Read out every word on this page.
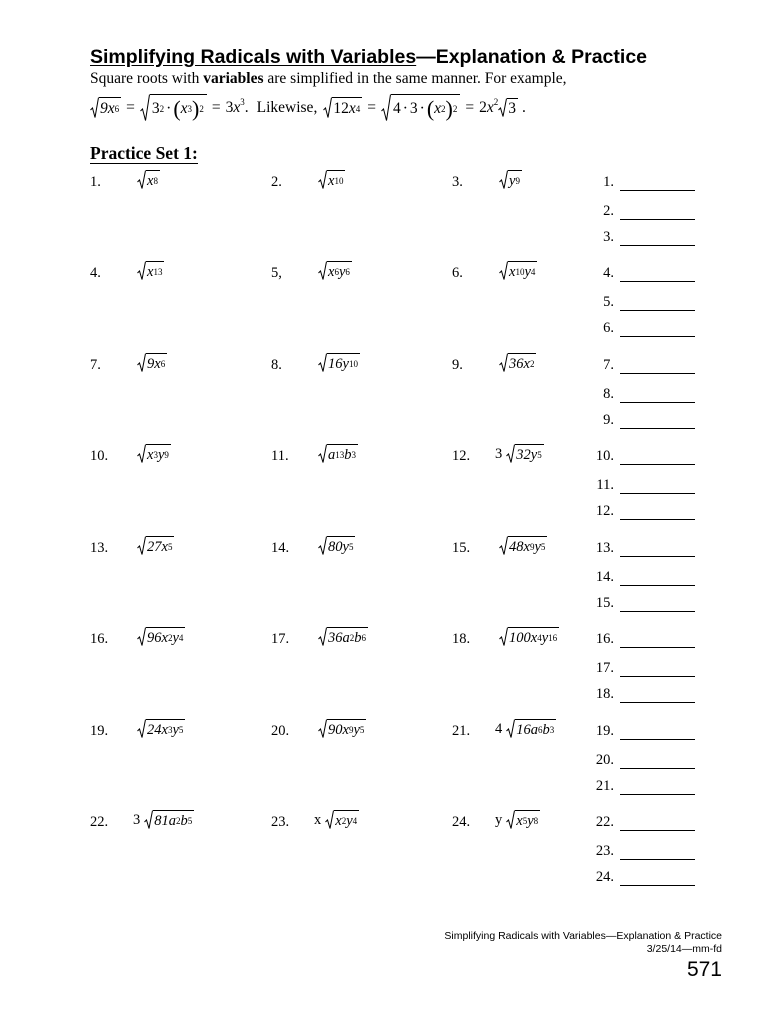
Simplifying Radicals with Variables—Explanation & Practice
Square roots with variables are simplified in the same manner. For example,
9 x 6 = 3 2 · ( x 3 ) $2 = 3x^3$ . Likewise, 12 x 4 = 4 · 3 · ( x 2 ) $2 = 2x^2$ 3 .
Practice Set 1:
1.	x 8	2.	x 10	3.	y 9
4.	x 13	5,	x 6 y 6	6.	x 10 y 4
7.	9 x 6	8.	16 y 10	9.	36 x 2
10.	x 3 y 9	11.	a 13 b 3	12. 3 32 y 5
13.	27 x 5	14.	80 y 5	15.	48 x 9 y 5
16.	96 x 2 y 4	17.	36 a 2 b 6	18.	100 x 4 y 16
19.	24 x 3 y 5	20.	90 x 9 y 5	21. 4 16 a 6 b 3
22. 3 81 a 2 b 5	23. x x 2 y 4	24. y x 5 y 8
1.
2.
3.
4.
5.
6.
7.
8.
9.
10.
11.
12.
13.
14.
15.
16.
17.
18.
19.
20.
21.
22.
23.
24.
Simplifying Radicals with Variables—Explanation & Practice
3/25/14—mm-fd
571
